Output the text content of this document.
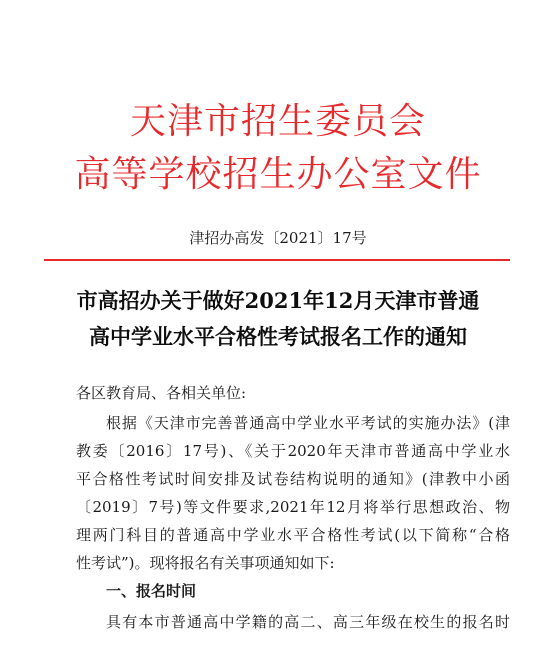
天津市招生委员会
高等学校招生办公室文件
津招办高发〔2021〕17号
市高招办关于做好2021年12月天津市普通
高中学业水平合格性考试报名工作的通知
各区教育局、各相关单位:
根据《天津市完善普通高中学业水平考试的实施办法》(津
教委〔2016〕17号)、《关于2020年天津市普通高中学业水
平合格性考试时间安排及试卷结构说明的通知》(津教中小函
〔2019〕7号)等文件要求,2021年12月将举行思想政治、物
理两门科目的普通高中学业水平合格性考试(以下简称“合格
性考试”)。现将报名有关事项通知如下:
一、报名时间
具有本市普通高中学籍的高二、高三年级在校生的报名时
